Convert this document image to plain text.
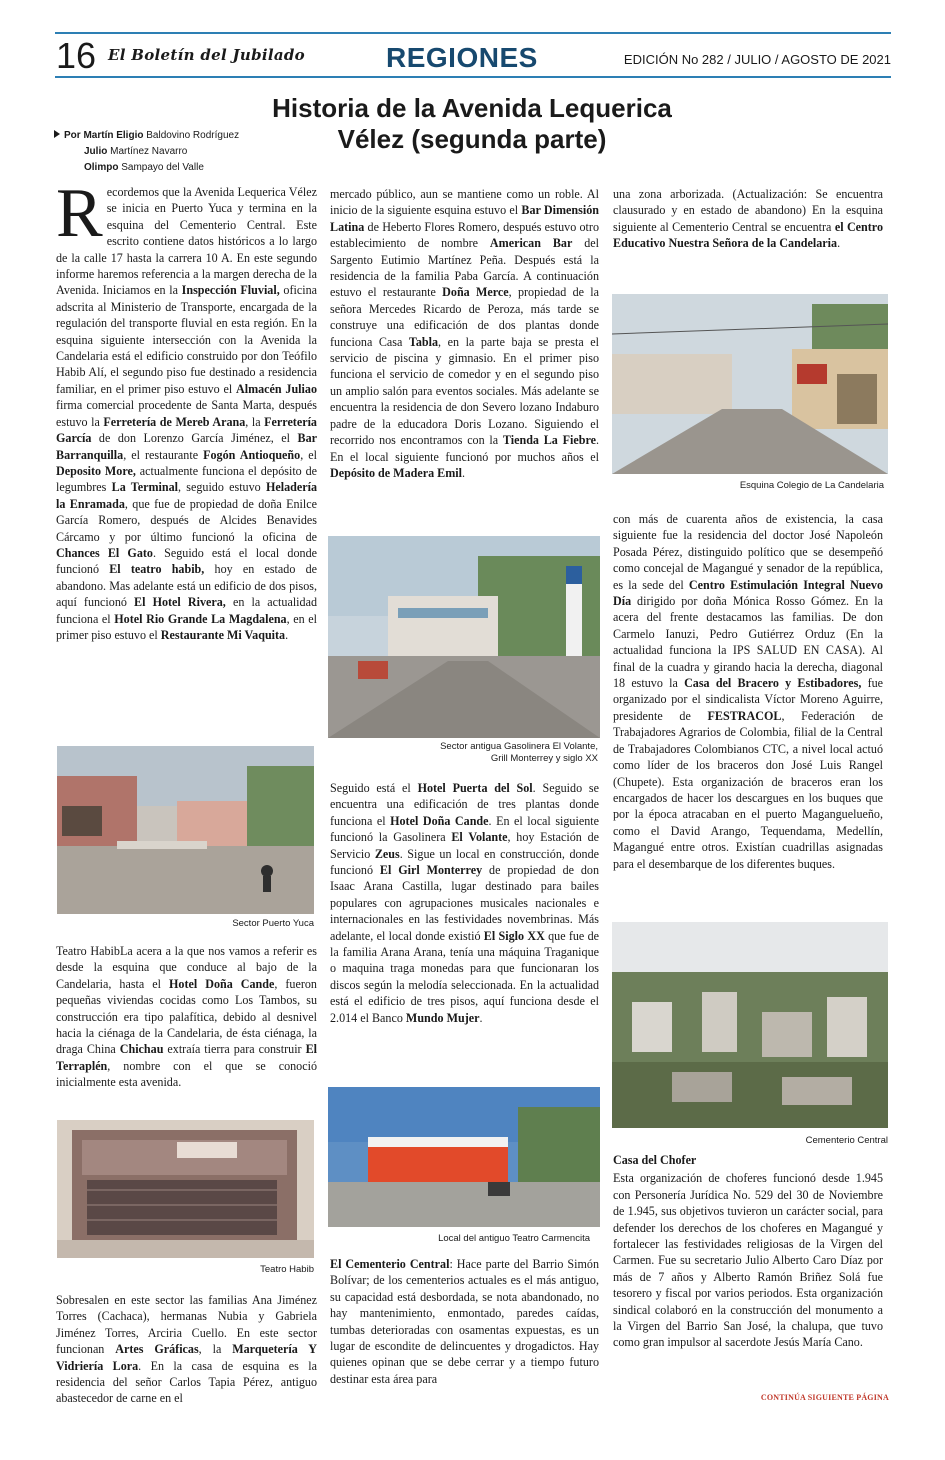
16 El Boletín del Jubilado	REGIONES	EDICIÓN No 282 / JULIO / AGOSTO DE 2021
Historia de la Avenida Lequerica
Vélez (segunda parte)
Por Martín Eligio Baldovino Rodríguez
Julio Martínez Navarro
Olimpo Sampayo del Valle

Recordemos que la Avenida Lequerica Vélez se inicia en Puerto Yuca y termina en la esquina del Cementerio Central. Este escrito contiene datos históricos a lo largo de la calle 17 hasta la carrera 10 A. En este segundo informe haremos referencia a la margen derecha de la Avenida. Iniciamos en la Inspección Fluvial, oficina adscrita al Ministerio de Transporte, encargada de la regulación del transporte fluvial en esta región. En la esquina siguiente intersección con la Avenida la Candelaria está el edificio construido por don Teófilo Habib Alí, el segundo piso fue destinado a residencia familiar, en el primer piso estuvo el Almacén Juliao firma comercial procedente de Santa Marta, después estuvo la Ferretería de Mereb Arana, la Ferretería García de don Lorenzo García Jiménez, el Bar Barranquilla, el restaurante Fogón Antioqueño, el Deposito More, actualmente funciona el depósito de legumbres La Terminal, seguido estuvo Heladería la Enramada, que fue de propiedad de doña Enilce García Romero, después de Alcides Benavides Cárcamo y por último funcionó la oficina de Chances El Gato. Seguido está el local donde funcionó El teatro habib, hoy en estado de abandono. Mas adelante está un edificio de dos pisos, aquí funcionó El Hotel Rivera, en la actualidad funciona el Hotel Rio Grande La Magdalena, en el primer piso estuvo el Restaurante Mi Vaquita.

Sector Puerto Yuca

Teatro HabibLa acera a la que nos vamos a referir es desde la esquina que conduce al bajo de la Candelaria, hasta el Hotel Doña Cande, fueron pequeñas viviendas cocidas como Los Tambos, su construcción era tipo palafítica, debido al desnivel hacia la ciénaga de la Candelaria, de ésta ciénaga, la draga China Chichau extraía tierra para construir El Terraplén, nombre con el que se conoció inicialmente esta avenida.

Teatro Habib

Sobresalen en este sector las familias Ana Jiménez Torres (Cachaca), hermanas Nubia y Gabriela Jiménez Torres, Arciria Cuello. En este sector funcionan Artes Gráficas, la Marquetería Y Vidriería Lora. En la casa de esquina es la residencia del señor Carlos Tapia Pérez, antiguo abastecedor de carne en el

mercado público, aun se mantiene como un roble. Al inicio de la siguiente esquina estuvo el Bar Dimensión Latina de Heberto Flores Romero, después estuvo otro establecimiento de nombre American Bar del Sargento Eutimio Martínez Peña. Después está la residencia de la familia Paba García. A continuación estuvo el restaurante Doña Merce, propiedad de la señora Mercedes Ricardo de Peroza, más tarde se construye una edificación de dos plantas donde funciona Casa Tabla, en la parte baja se presta el servicio de piscina y gimnasio. En el primer piso funciona el servicio de comedor y en el segundo piso un amplio salón para eventos sociales. Más adelante se encuentra la residencia de don Severo lozano Indaburo padre de la educadora Doris Lozano. Siguiendo el recorrido nos encontramos con la Tienda La Fiebre. En el local siguiente funcionó por muchos años el Depósito de Madera Emil.

Sector antigua Gasolinera El Volante,
Grill Monterrey y siglo XX

Seguido está el Hotel Puerta del Sol. Seguido se encuentra una edificación de tres plantas donde funciona el Hotel Doña Cande. En el local siguiente funcionó la Gasolinera El Volante, hoy Estación de Servicio Zeus. Sigue un local en construcción, donde funcionó El Girl Monterrey de propiedad de don Isaac Arana Castilla, lugar destinado para bailes populares con agrupaciones musicales nacionales e internacionales en las festividades novembrinas. Más adelante, el local donde existió El Siglo XX que fue de la familia Arana Arana, tenía una máquina Traganique o maquina traga monedas para que funcionaran los discos según la melodía seleccionada. En la actualidad está el edificio de tres pisos, aquí funciona desde el 2.014 el Banco Mundo Mujer.

Local del antiguo Teatro Carmencita

El Cementerio Central: Hace parte del Barrio Simón Bolívar; de los cementerios actuales es el más antiguo, su capacidad está desbordada, se nota abandonado, no hay mantenimiento, enmontado, paredes caídas, tumbas deterioradas con osamentas expuestas, es un lugar de escondite de delincuentes y drogadictos. Hay quienes opinan que se debe cerrar y a tiempo futuro destinar esta área para

una zona arborizada. (Actualización: Se encuentra clausurado y en estado de abandono) En la esquina siguiente al Cementerio Central se encuentra el Centro Educativo Nuestra Señora de la Candelaria.

Esquina Colegio de La Candelaria

con más de cuarenta años de existencia, la casa siguiente fue la residencia del doctor José Napoleón Posada Pérez, distinguido político que se desempeñó como concejal de Magangué y senador de la república, es la sede del Centro Estimulación Integral Nuevo Día dirigido por doña Mónica Rosso Gómez. En la acera del frente destacamos las familias. De don Carmelo Ianuzi, Pedro Gutiérrez Orduz (En la actualidad funciona la IPS SALUD EN CASA). Al final de la cuadra y girando hacia la derecha, diagonal 18 estuvo la Casa del Bracero y Estibadores, fue organizado por el sindicalista Víctor Moreno Aguirre, presidente de FESTRACOL, Federación de Trabajadores Agrarios de Colombia, filial de la Central de Trabajadores Colombianos CTC, a nivel local actuó como líder de los braceros don José Luis Rangel (Chupete). Esta organización de braceros eran los encargados de hacer los descargues en los buques que por la época atracaban en el puerto Maganguelueño, como el David Arango, Tequendama, Medellín, Magangué entre otros. Existían cuadrillas asignadas para el desembarque de los diferentes buques.

Cementerio Central

Casa del Chofer

Esta organización de choferes funcionó desde 1.945 con Personería Jurídica No. 529 del 30 de Noviembre de 1.945, sus objetivos tuvieron un carácter social, para defender los derechos de los choferes en Magangué y fortalecer las festividades religiosas de la Virgen del Carmen. Fue su secretario Julio Alberto Caro Díaz por más de 7 años y Alberto Ramón Briñez Solá fue tesorero y fiscal por varios periodos. Esta organización sindical colaboró en la construcción del monumento a la Virgen del Barrio San José, la chalupa, que tuvo como gran impulsor al sacerdote Jesús María Cano.

CONTINÚA SIGUIENTE PÁGINA
